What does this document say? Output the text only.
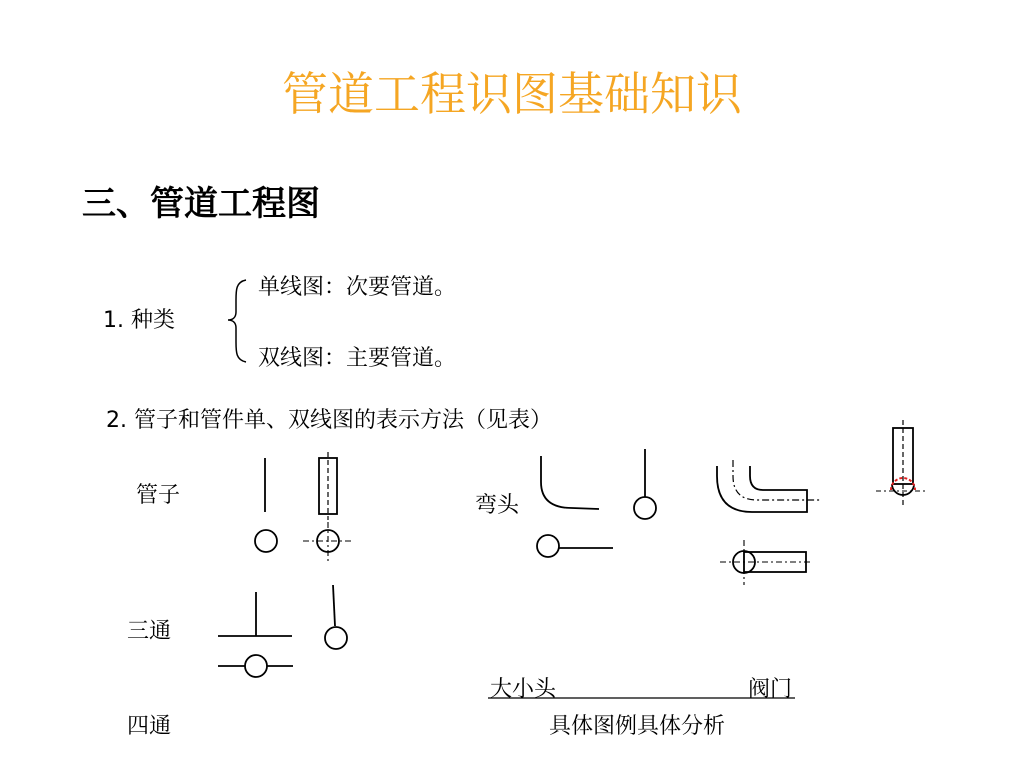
管道工程识图基础知识
三、管道工程图
1. 种类
单线图：次要管道。
双线图：主要管道。
2. 管子和管件单、双线图的表示方法（见表）
管子	弯头
三通
四通
大小头	阀门
具体图例具体分析
